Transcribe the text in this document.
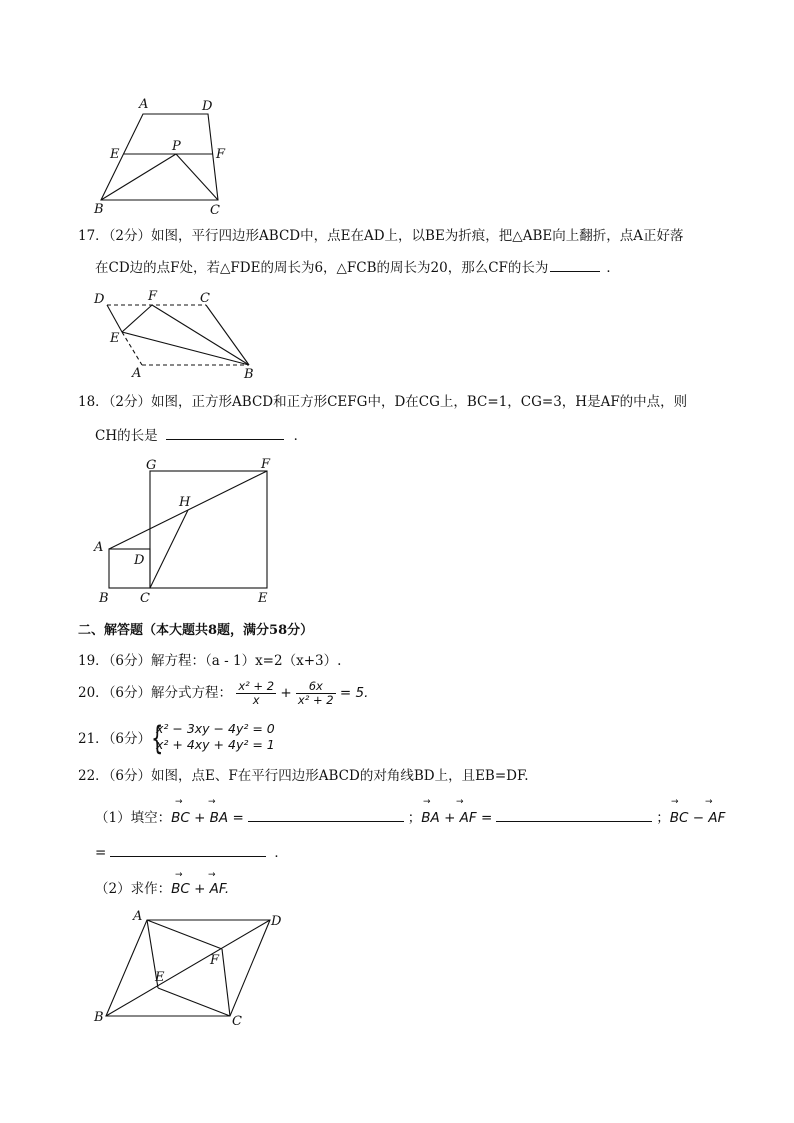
A	D
E
P
F
B	C
17．（2分）如图，平行四边形ABCD中，点E在AD上，以BE为折痕，把△ABE向上翻折，点A正好落
在CD边的点F处，若△FDE的周长为6，△FCB的周长为20，那么CF的长为	．
D	F	C
E
A	B
18．（2分）如图，正方形ABCD和正方形CEFG中，D在CG上，BC=1，CG=3，H是AF的中点，则
CH的长是	．
G	F
H
A
D
B C	E
二、解答题（本大题共8题，满分58分）
19．（6分）解方程：（a - 1）x=2（x+3）.
20．（6分）解分式方程： $\frac{\text{x² + 2}}{x} + \frac{6x}{\text{x² + 2}} = 5$.
21．（6分） {
x² − 3xy − 4y² = 0
x² + 4xy + 4y² = 1
22．（6分）如图，点E、F在平行四边形ABCD的对角线BD上，且EB=DF.
（1）填空：BC + BA =	；BA + AF =	；BC − AF
→	→	→	→	→	→
=	．
（2）求作：BC + AF.
→	→
A	D
F
E
B	C
